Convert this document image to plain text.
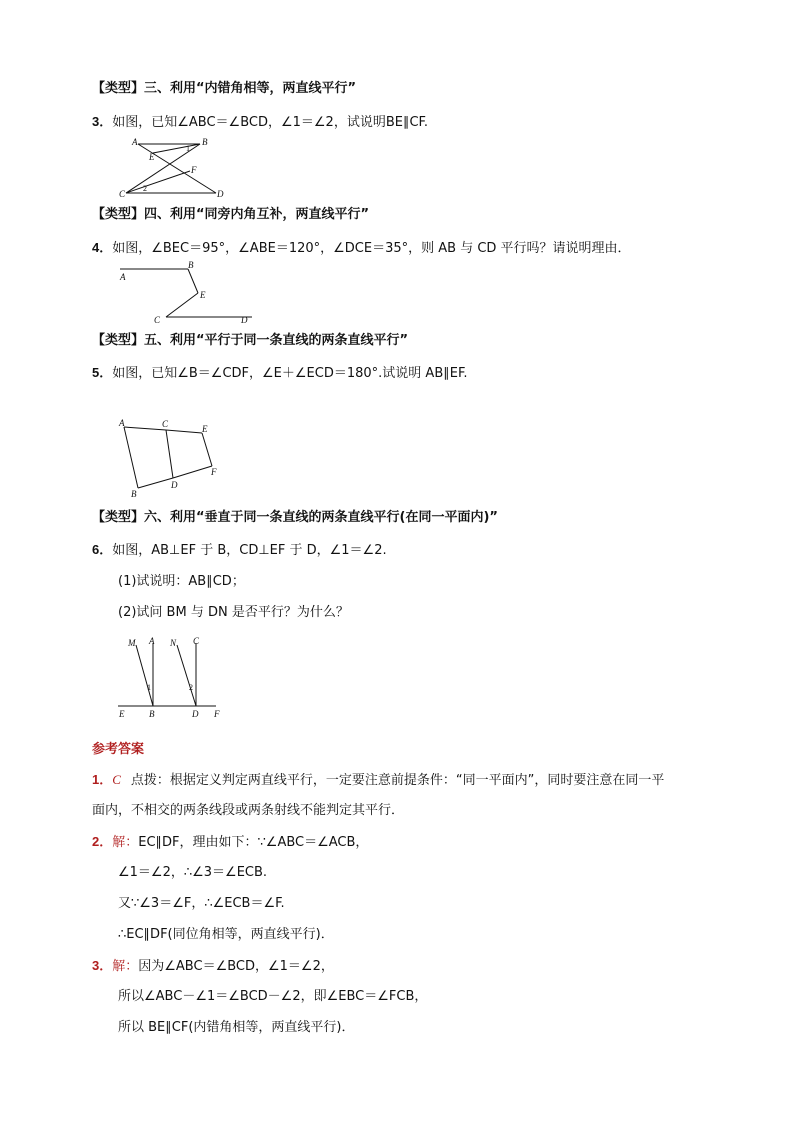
【类型】三、利用“内错角相等，两直线平行”
3．如图，已知∠ABC＝∠BCD，∠1＝∠2，试说明BE∥CF.
A	B
E
F
C	D
1
2
【类型】四、利用“同旁内角互补，两直线平行”
4．如图，∠BEC＝95°，∠ABE＝120°，∠DCE＝35°，则 AB 与 CD 平行吗？请说明理由．
A
B
E
C	D
【类型】五、利用“平行于同一条直线的两条直线平行”
5．如图，已知∠B＝∠CDF，∠E＋∠ECD＝180°.试说明 AB∥EF.
A	C	E
F
B
D
【类型】六、利用“垂直于同一条直线的两条直线平行(在同一平面内)”
6．如图，AB⊥EF 于 B，CD⊥EF 于 D，∠1＝∠2.
(1)试说明：AB∥CD；
(2)试问 BM 与 DN 是否平行？为什么？
M A N C
E	B	D F
1	2
参考答案
1．C 点拨：根据定义判定两直线平行，一定要注意前提条件：“同一平面内”，同时要注意在同一平
面内，不相交的两条线段或两条射线不能判定其平行．
2．解：EC∥DF，理由如下：∵∠ABC＝∠ACB，
∠1＝∠2，∴∠3＝∠ECB.
又∵∠3＝∠F，∴∠ECB＝∠F.
∴EC∥DF(同位角相等，两直线平行)．
3．解：因为∠ABC＝∠BCD，∠1＝∠2，
所以∠ABC－∠1＝∠BCD－∠2，即∠EBC＝∠FCB，
所以 BE∥CF(内错角相等，两直线平行)．
